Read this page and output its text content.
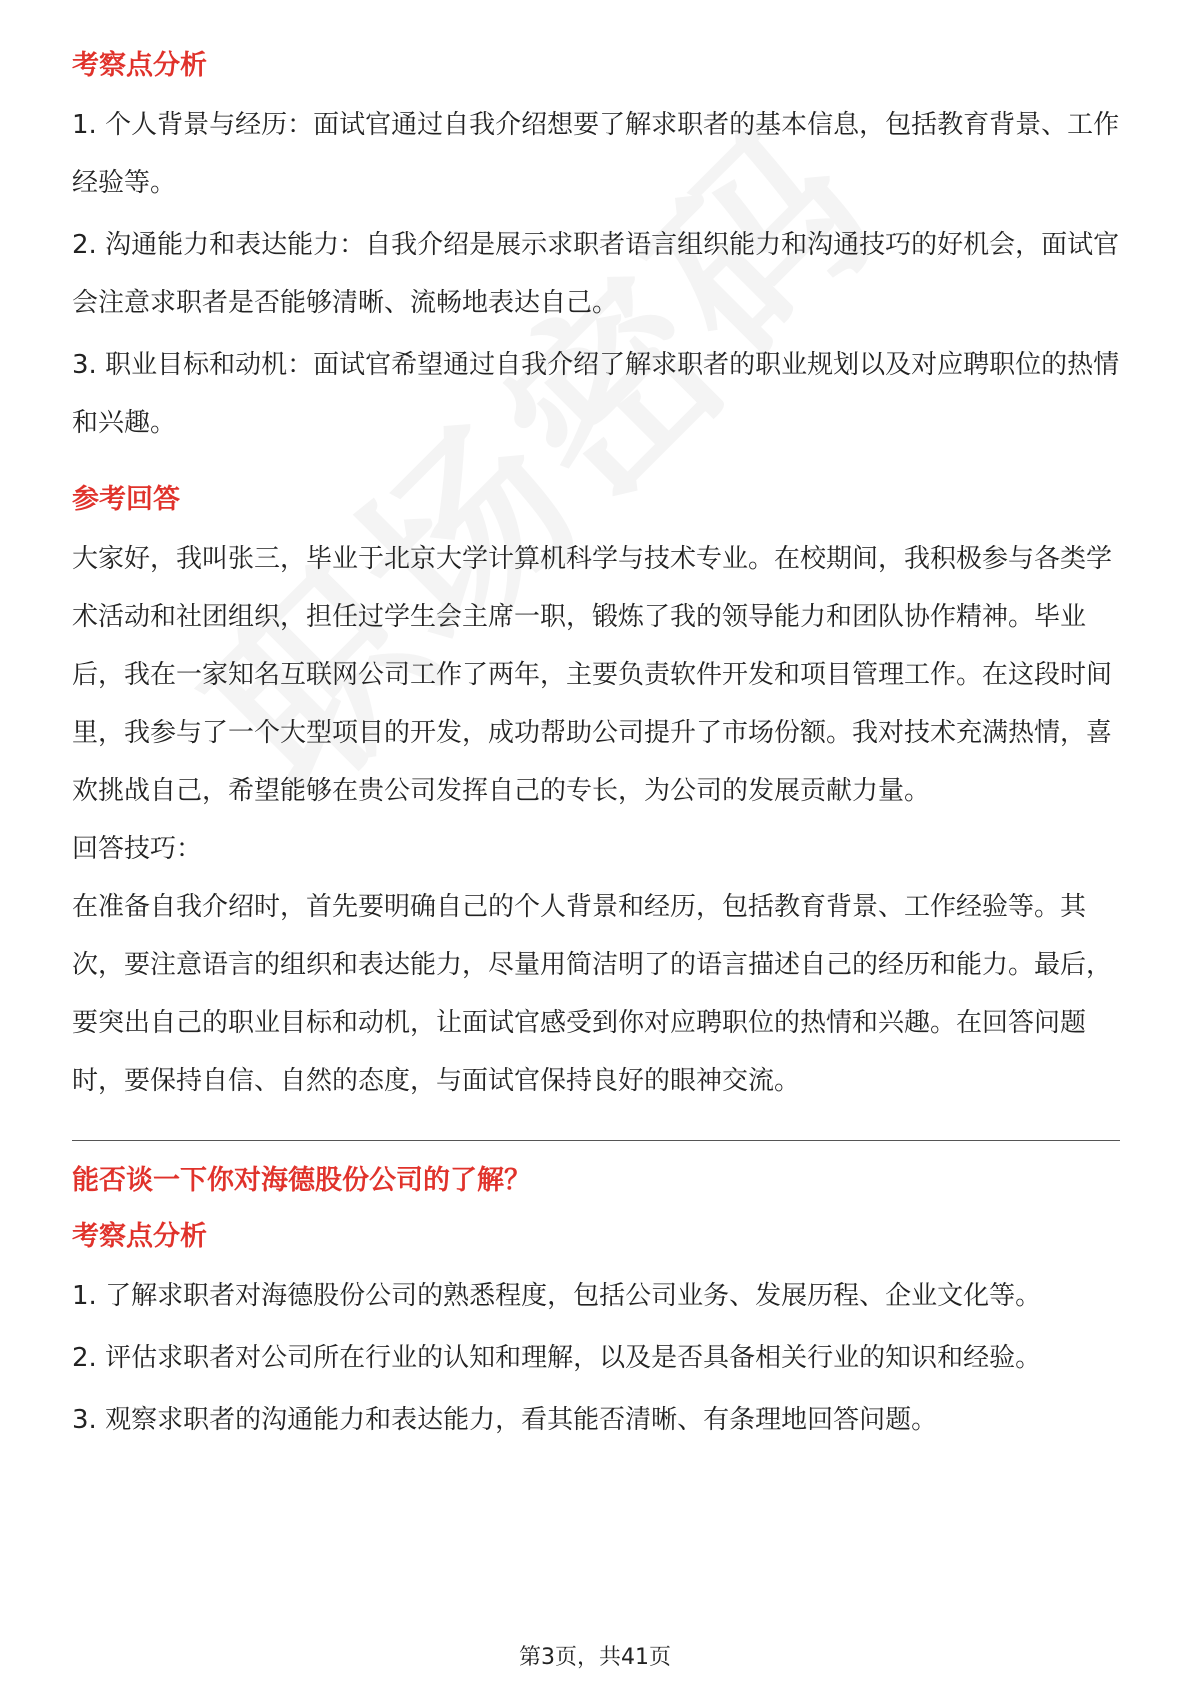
考察点分析

1. 个人背景与经历：面试官通过自我介绍想要了解求职者的基本信息，包括教育背景、工作经验等。

2. 沟通能力和表达能力：自我介绍是展示求职者语言组织能力和沟通技巧的好机会，面试官会注意求职者是否能够清晰、流畅地表达自己。

3. 职业目标和动机：面试官希望通过自我介绍了解求职者的职业规划以及对应聘职位的热情和兴趣。

参考回答

大家好，我叫张三，毕业于北京大学计算机科学与技术专业。在校期间，我积极参与各类学术活动和社团组织，担任过学生会主席一职，锻炼了我的领导能力和团队协作精神。毕业后，我在一家知名互联网公司工作了两年，主要负责软件开发和项目管理工作。在这段时间里，我参与了一个大型项目的开发，成功帮助公司提升了市场份额。我对技术充满热情，喜欢挑战自己，希望能够在贵公司发挥自己的专长，为公司的发展贡献力量。

回答技巧：

在准备自我介绍时，首先要明确自己的个人背景和经历，包括教育背景、工作经验等。其次，要注意语言的组织和表达能力，尽量用简洁明了的语言描述自己的经历和能力。最后，要突出自己的职业目标和动机，让面试官感受到你对应聘职位的热情和兴趣。在回答问题时，要保持自信、自然的态度，与面试官保持良好的眼神交流。

能否谈一下你对海德股份公司的了解？
考察点分析

1. 了解求职者对海德股份公司的熟悉程度，包括公司业务、发展历程、企业文化等。

2. 评估求职者对公司所在行业的认知和理解，以及是否具备相关行业的知识和经验。

3. 观察求职者的沟通能力和表达能力，看其能否清晰、有条理地回答问题。

第3页，共41页
